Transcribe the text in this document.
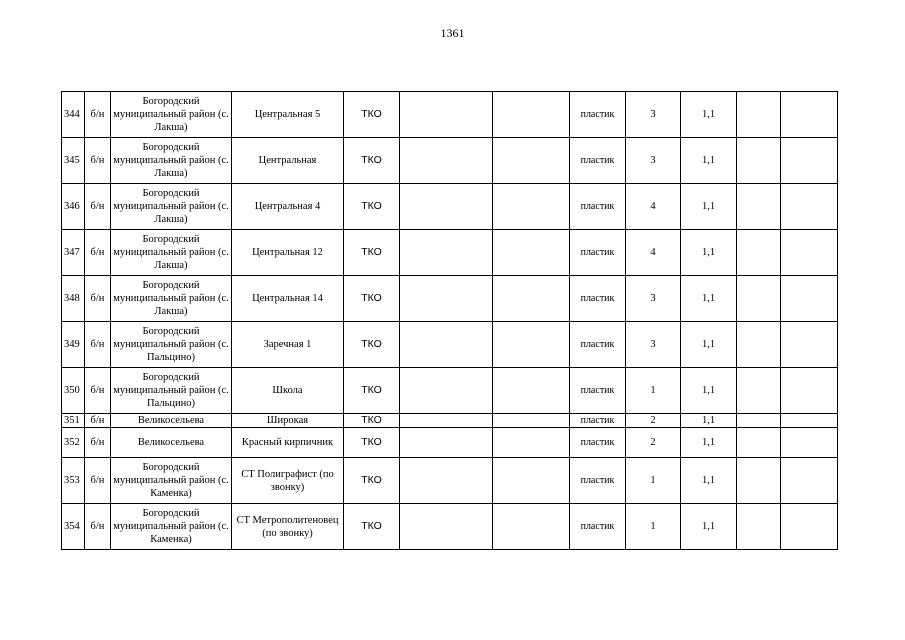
1361
344	б/н	Богородский муниципальный район (с. Лакша)	Центральная 5	ТКО			пластик	3	1,1		
345	б/н	Богородский муниципальный район (с. Лакша)	Центральная	ТКО			пластик	3	1,1		
346	б/н	Богородский муниципальный район (с. Лакша)	Центральная 4	ТКО			пластик	4	1,1		
347	б/н	Богородский муниципальный район (с. Лакша)	Центральная 12	ТКО			пластик	4	1,1		
348	б/н	Богородский муниципальный район (с. Лакша)	Центральная 14	ТКО			пластик	3	1,1		
349	б/н	Богородский муниципальный район (с. Пальцино)	Заречная 1	ТКО			пластик	3	1,1		
350	б/н	Богородский муниципальный район (с. Пальцино)	Школа	ТКО			пластик	1	1,1		
351	б/н	Великосельева	Широкая	ТКО			пластик	2	1,1		
352	б/н	Великосельева	Красный кирпичник	ТКО			пластик	2	1,1		
353	б/н	Богородский муниципальный район (с. Каменка)	СТ Полиграфист (по звонку)	ТКО			пластик	1	1,1		
354	б/н	Богородский муниципальный район (с. Каменка)	СТ Метрополитеновец (по звонку)	ТКО			пластик	1	1,1		
